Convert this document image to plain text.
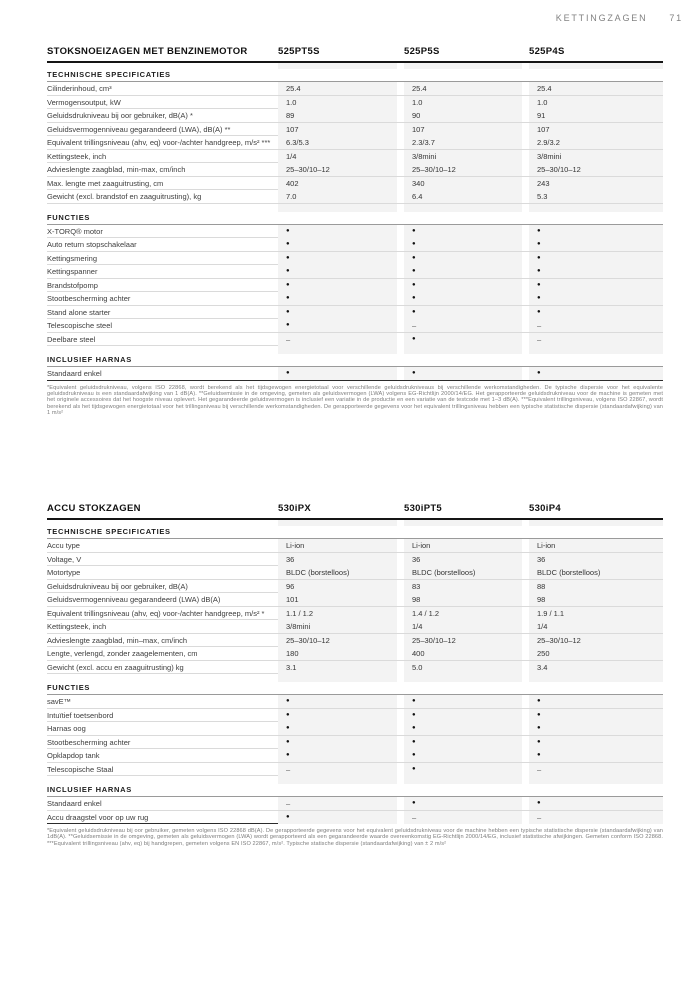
KETTINGZAGEN 71
STOKSNOEIZAGEN MET BENZINEMOTOR	525PT5S	525P5S	525P4S
TECHNISCHE SPECIFICATIES
Cilinderinhoud, cm³	25.4	25.4	25.4
Vermogensoutput, kW	1.0	1.0	1.0
Geluidsdrukniveau bij oor gebruiker, dB(A) *	89	90	91
Geluidsvermogenniveau gegarandeerd (LWA), dB(A) **	107	107	107
Equivalent trillingsniveau (ahv, eq) voor-/achter handgreep, m/s² ***	6.3/5.3	2.3/3.7	2.9/3.2
Kettingsteek, inch	1/4	3/8mini	3/8mini
Advieslengte zaagblad, min-max, cm/inch	25–30/10–12	25–30/10–12	25–30/10–12
Max. lengte met zaaguitrusting, cm	402	340	243
Gewicht (excl. brandstof en zaaguitrusting), kg	7.0	6.4	5.3
FUNCTIES
X-TORQ® motor	●	●	●
Auto return stopschakelaar	●	●	●
Kettingsmering	●	●	●
Kettingspanner	●	●	●
Brandstofpomp	●	●	●
Stootbescherming achter	●	●	●
Stand alone starter	●	●	●
Telescopische steel	●	–	–
Deelbare steel	–	●	–
INCLUSIEF HARNAS
Standaard enkel	●	●	●

*Equivalent geluidsdrukniveau, volgens ISO 22868, wordt berekend als het tijdsgewogen energietotaal voor verschillende geluidsdrukniveaus bij verschillende werkomstandigheden. De typische dispersie voor het equivalente geluidsdrukniveau is een standaardafwijking van 1 dB(A). **Geluidsemissie in de omgeving, gemeten als geluidsvermogen (LWA) volgens EG-Richtlijn 2000/14/EG. Het gerapporteerde geluidsdrukniveau voor de machine is gemeten met het originele accessoires dat het hoogste niveau oplevert. Het gegarandeerde geluidsvermogen is inclusief een variatie in de productie en een variatie van de testcode met 1–3 dB(A). ***Equivalent trillingsniveau, volgens ISO 22867, wordt berekend als het tijdsgewogen energietotaal voor het trillingsniveau bij verschillende werkomstandigheden. De gerapporteerde gegevens voor het equivalent trillingsniveau hebben een typische statistische dispersie (standaardafwijking) van 1 m/s²

ACCU STOKZAGEN	530iPX	530iPT5	530iP4
TECHNISCHE SPECIFICATIES
Accu type	Li-ion	Li-ion	Li-ion
Voltage, V	36	36	36
Motortype	BLDC (borstelloos)	BLDC (borstelloos)	BLDC (borstelloos)
Geluidsdrukniveau bij oor gebruiker, dB(A)	96	83	88
Geluidsvermogenniveau gegarandeerd (LWA) dB(A)	101	98	98
Equivalent trillingsniveau (ahv, eq) voor-/achter handgreep, m/s² *	1.1 / 1.2	1.4 / 1.2	1.9 / 1.1
Kettingsteek, inch	3/8mini	1/4	1/4
Advieslengte zaagblad, min–max, cm/inch	25–30/10–12	25–30/10–12	25–30/10–12
Lengte, verlengd, zonder zaagelementen, cm	180	400	250
Gewicht (excl. accu en zaaguitrusting) kg	3.1	5.0	3.4
FUNCTIES
savE™	●	●	●
Intuïtief toetsenbord	●	●	●
Harnas oog	●	●	●
Stootbescherming achter	●	●	●
Opklapdop tank	●	●	●
Telescopische Staal	–	●	–
INCLUSIEF HARNAS
Standaard enkel	–	●	●
Accu draagstel voor op uw rug	●	–	–

*Equivalent geluidsdrukniveau bij oor gebruiker, gemeten volgens ISO 22868 dB(A). De gerapporteerde gegevens voor het equivalent geluidsdrukniveau voor de machine hebben een typische statistische dispersie (standaardafwijking) van 1dB(A). **Geluidsemissie in de omgeving, gemeten als geluidsvermogen (LWA) wordt gerapporteerd als een gegarandeerde waarde overeenkomstig EG-Richtlijn 2000/14/EG, inclusief statistische afwijkingen. Gemeten conform ISO 22868. ***Equivalent trillingsniveau (ahv, eq) bij handgrepen, gemeten volgens EN ISO 22867, m/s². Typische statische dispersie (standaardafwijking) van ± 2 m/s²
